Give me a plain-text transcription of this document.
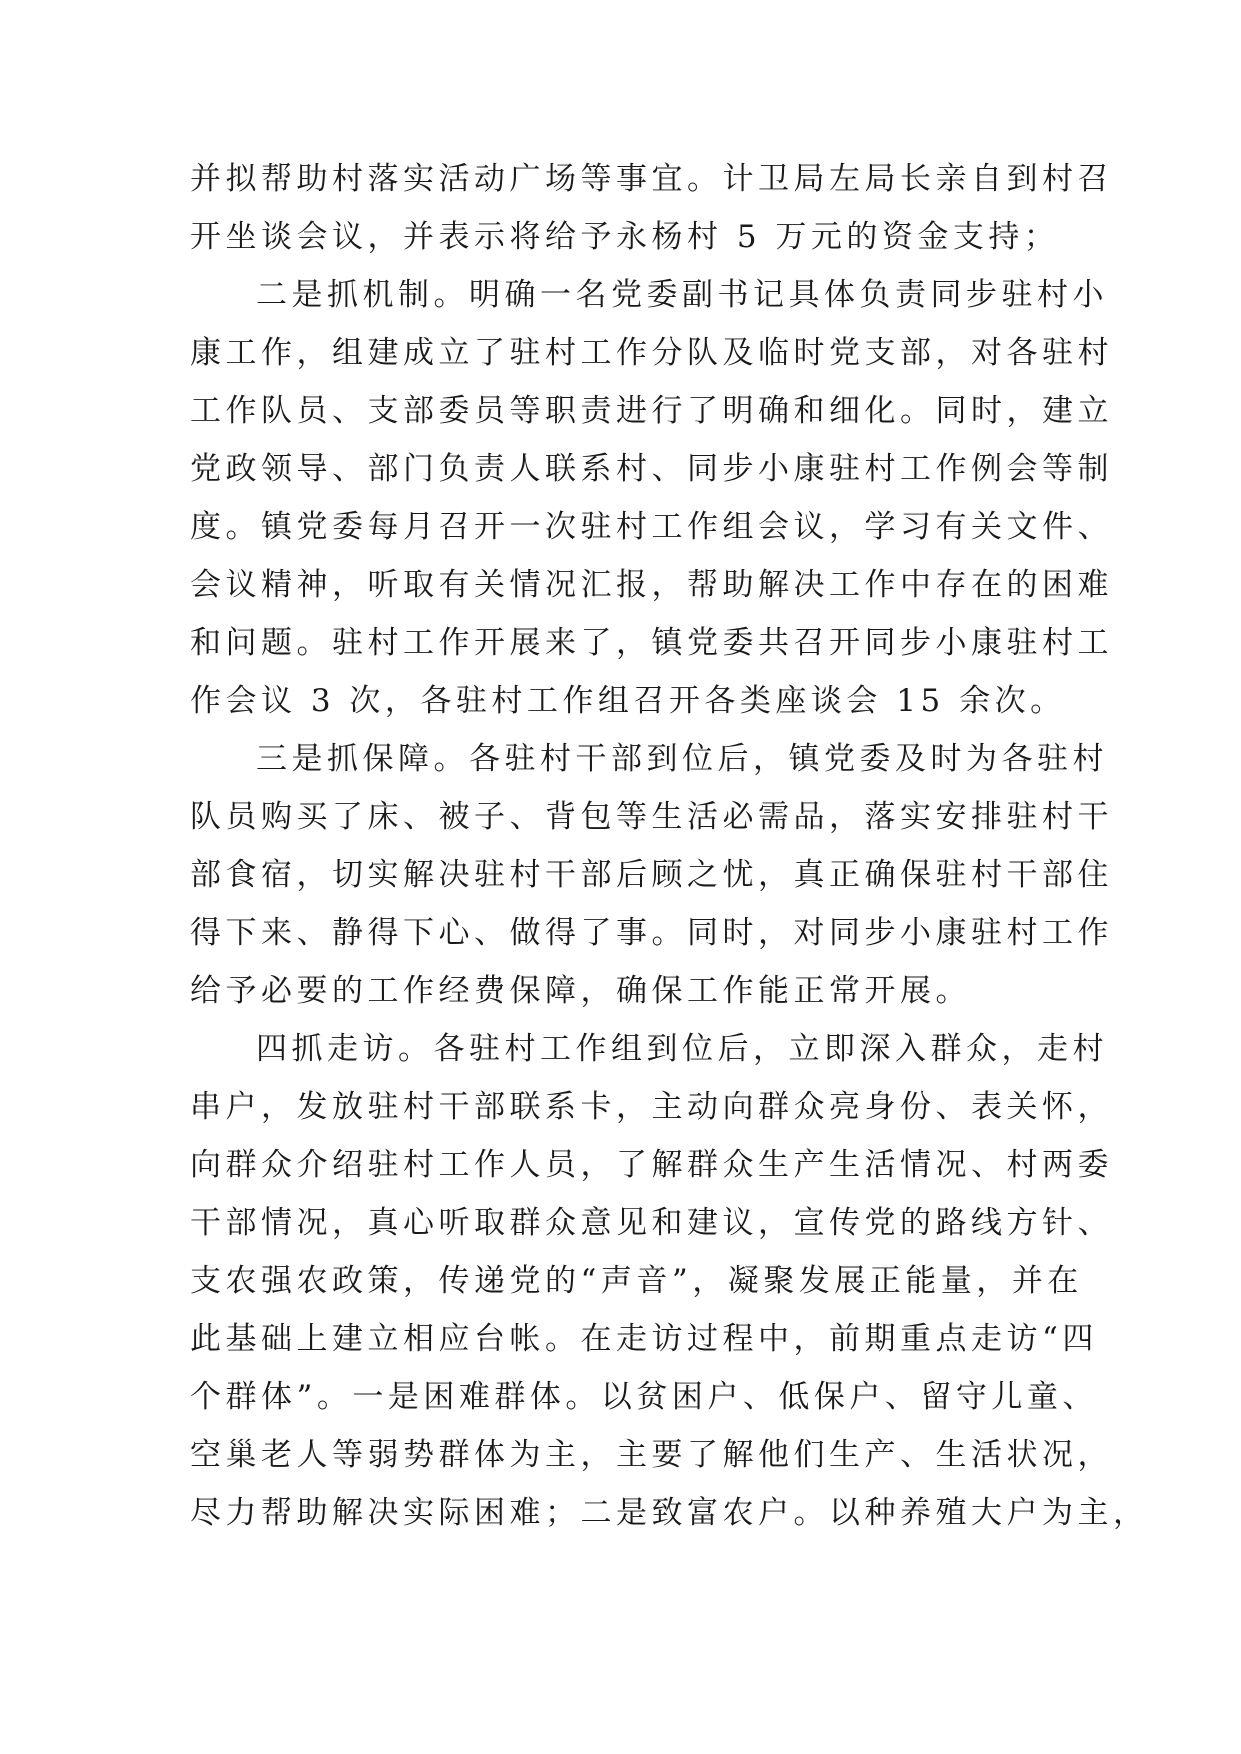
并拟帮助村落实活动广场等事宜。计卫局左局长亲自到村召
开坐谈会议，并表示将给予永杨村 5 万元的资金支持；
二是抓机制。明确一名党委副书记具体负责同步驻村小
康工作，组建成立了驻村工作分队及临时党支部，对各驻村
工作队员、支部委员等职责进行了明确和细化。同时，建立
党政领导、部门负责人联系村、同步小康驻村工作例会等制
度。镇党委每月召开一次驻村工作组会议，学习有关文件、
会议精神，听取有关情况汇报，帮助解决工作中存在的困难
和问题。驻村工作开展来了，镇党委共召开同步小康驻村工
作会议 3 次，各驻村工作组召开各类座谈会 15 余次。
三是抓保障。各驻村干部到位后，镇党委及时为各驻村
队员购买了床、被子、背包等生活必需品，落实安排驻村干
部食宿，切实解决驻村干部后顾之忧，真正确保驻村干部住
得下来、静得下心、做得了事。同时，对同步小康驻村工作
给予必要的工作经费保障，确保工作能正常开展。
四抓走访。各驻村工作组到位后，立即深入群众，走村
串户，发放驻村干部联系卡，主动向群众亮身份、表关怀，
向群众介绍驻村工作人员，了解群众生产生活情况、村两委
干部情况，真心听取群众意见和建议，宣传党的路线方针、
支农强农政策，传递党的“声音”，凝聚发展正能量，并在
此基础上建立相应台帐。在走访过程中，前期重点走访“四
个群体”。一是困难群体。以贫困户、低保户、留守儿童、
空巢老人等弱势群体为主，主要了解他们生产、生活状况，
尽力帮助解决实际困难；二是致富农户。以种养殖大户为主，
